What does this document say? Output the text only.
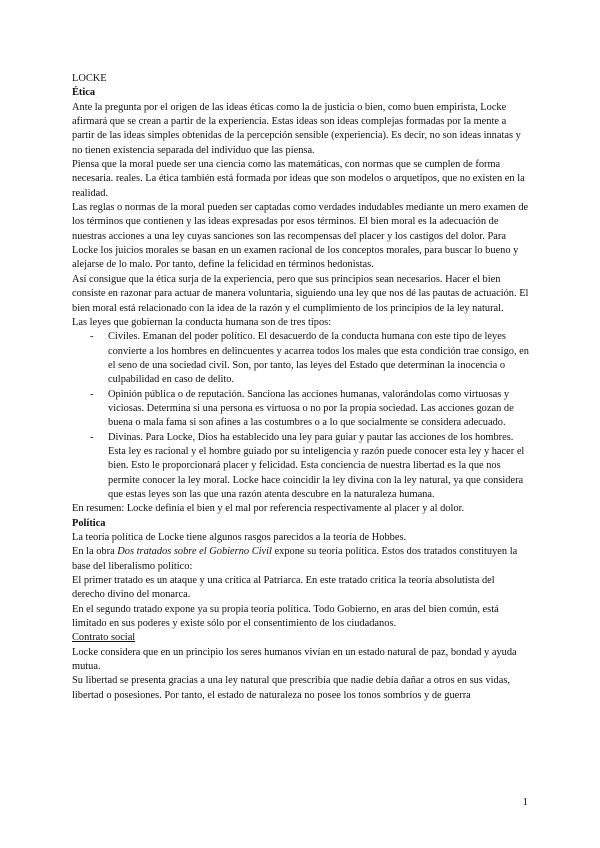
LOCKE

Ética

Ante la pregunta por el origen de las ideas éticas como la de justicia o bien, como buen empirista, Locke afirmará que se crean a partir de la experiencia. Estas ideas son ideas complejas formadas por la mente a partir de las ideas simples obtenidas de la percepción sensible (experiencia). Es decir, no son ideas innatas y no tienen existencia separada del individuo que las piensa.

Piensa que la moral puede ser una ciencia como las matemáticas, con normas que se cumplen de forma necesaria. reales. La ética también está formada por ideas que son modelos o arquetipos, que no existen en la realidad.

Las reglas o normas de la moral pueden ser captadas como verdades indudables mediante un mero examen de los términos que contienen y las ideas expresadas por esos términos. El bien moral es la adecuación de nuestras acciones a una ley cuyas sanciones son las recompensas del placer y los castigos del dolor. Para Locke los juicios morales se basan en un examen racional de los conceptos morales, para buscar lo bueno y alejarse de lo malo. Por tanto, define la felicidad en términos hedonistas.

Así consigue que la ética surja de la experiencia, pero que sus principios sean necesarios. Hacer el bien consiste en razonar para actuar de manera voluntaria, siguiendo una ley que nos dé las pautas de actuación. El bien moral está relacionado con la idea de la razón y el cumplimiento de los principios de la ley natural.

Las leyes que gobiernan la conducta humana son de tres tipos:

- Civiles. Emanan del poder político. El desacuerdo de la conducta humana con este tipo de leyes convierte a los hombres en delincuentes y acarrea todos los males que esta condición trae consigo, en el seno de una sociedad civil. Son, por tanto, las leyes del Estado que determinan la inocencia o culpabilidad en caso de delito.
- Opinión pública o de reputación. Sanciona las acciones humanas, valorándolas como virtuosas y viciosas. Determina si una persona es virtuosa o no por la propia sociedad. Las acciones gozan de buena o mala fama si son afines a las costumbres o a lo que socialmente se considera adecuado.
- Divinas. Para Locke, Dios ha establecido una ley para guiar y pautar las acciones de los hombres. Esta ley es racional y el hombre guiado por su inteligencia y razón puede conocer esta ley y hacer el bien. Esto le proporcionará placer y felicidad. Esta conciencia de nuestra libertad es la que nos permite conocer la ley moral. Locke hace coincidir la ley divina con la ley natural, ya que considera que estas leyes son las que una razón atenta descubre en la naturaleza humana.

En resumen: Locke definía el bien y el mal por referencia respectivamente al placer y al dolor.

Política

La teoría política de Locke tiene algunos rasgos parecidos a la teoría de Hobbes.

En la obra Dos tratados sobre el Gobierno Civil expone su teoría política. Estos dos tratados constituyen la base del liberalismo político:

El primer tratado es un ataque y una crítica al Patriarca. En este tratado critica la teoría absolutista del derecho divino del monarca.

En el segundo tratado expone ya su propia teoría política. Todo Gobierno, en aras del bien común, está limitado en sus poderes y existe sólo por el consentimiento de los ciudadanos.

Contrato social

Locke considera que en un principio los seres humanos vivían en un estado natural de paz, bondad y ayuda mutua.

Su libertad se presenta gracias a una ley natural que prescribía que nadie debía dañar a otros en sus vidas, libertad o posesiones. Por tanto, el estado de naturaleza no posee los tonos sombríos y de guerra

1
